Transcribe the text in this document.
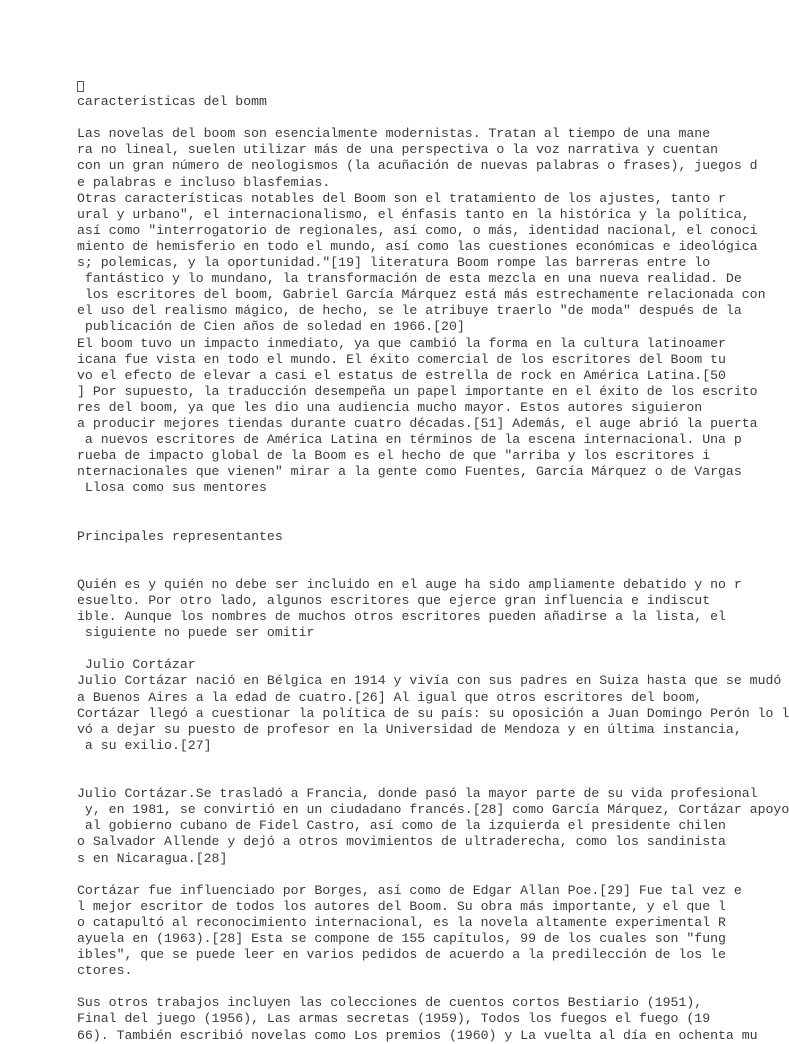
caracteristicas del bomm
Las novelas del boom son esencialmente modernistas. Tratan al tiempo de una mane
ra no lineal, suelen utilizar más de una perspectiva o la voz narrativa y cuentan
con un gran número de neologismos (la acuñación de nuevas palabras o frases), juegos d
e palabras e incluso blasfemias.
Otras características notables del Boom son el tratamiento de los ajustes, tanto r
ural y urbano", el internacionalismo, el énfasis tanto en la histórica y la política,
así como "interrogatorio de regionales, así como, o más, identidad nacional, el conoci
miento de hemisferio en todo el mundo, así como las cuestiones económicas e ideológica
s; polemicas, y la oportunidad."[19] literatura Boom rompe las barreras entre lo
fantástico y lo mundano, la transformación de esta mezcla en una nueva realidad. De
los escritores del boom, Gabriel García Márquez está más estrechamente relacionada con
el uso del realismo mágico, de hecho, se le atribuye traerlo "de moda" después de la
publicación de Cien años de soledad en 1966.[20]
El boom tuvo un impacto inmediato, ya que cambió la forma en la cultura latinoamer
icana fue vista en todo el mundo. El éxito comercial de los escritores del Boom tu
vo el efecto de elevar a casi el estatus de estrella de rock en América Latina.[50
] Por supuesto, la traducción desempeña un papel importante en el éxito de los escrito
res del boom, ya que les dio una audiencia mucho mayor. Estos autores siguieron
a producir mejores tiendas durante cuatro décadas.[51] Además, el auge abrió la puerta
a nuevos escritores de América Latina en términos de la escena internacional. Una p
rueba de impacto global de la Boom es el hecho de que "arriba y los escritores i
nternacionales que vienen" mirar a la gente como Fuentes, García Márquez o de Vargas
Llosa como sus mentores
Principales representantes
Quién es y quién no debe ser incluido en el auge ha sido ampliamente debatido y no r
esuelto. Por otro lado, algunos escritores que ejerce gran influencia e indiscut
ible. Aunque los nombres de muchos otros escritores pueden añadirse a la lista, el
siguiente no puede ser omitir
Julio Cortázar
Julio Cortázar nació en Bélgica en 1914 y vivía con sus padres en Suiza hasta que se mudó
a Buenos Aires a la edad de cuatro.[26] Al igual que otros escritores del boom,
Cortázar llegó a cuestionar la política de su país: su oposición a Juan Domingo Perón lo l
vó a dejar su puesto de profesor en la Universidad de Mendoza y en última instancia,
a su exilio.[27]
Julio Cortázar.Se trasladó a Francia, donde pasó la mayor parte de su vida profesional
y, en 1981, se convirtió en un ciudadano francés.[28] como García Márquez, Cortázar apoyo
al gobierno cubano de Fidel Castro, así como de la izquierda el presidente chilen
o Salvador Allende y dejó a otros movimientos de ultraderecha, como los sandinista
s en Nicaragua.[28]
Cortázar fue influenciado por Borges, así como de Edgar Allan Poe.[29] Fue tal vez e
l mejor escritor de todos los autores del Boom. Su obra más importante, y el que l
o catapultó al reconocimiento internacional, es la novela altamente experimental R
ayuela en (1963).[28] Esta se compone de 155 capítulos, 99 de los cuales son "fung
ibles", que se puede leer en varios pedidos de acuerdo a la predilección de los le
ctores.
Sus otros trabajos incluyen las colecciones de cuentos cortos Bestiario (1951),
Final del juego (1956), Las armas secretas (1959), Todos los fuegos el fuego (19
66). También escribió novelas como Los premios (1960) y La vuelta al día en ochenta mu
